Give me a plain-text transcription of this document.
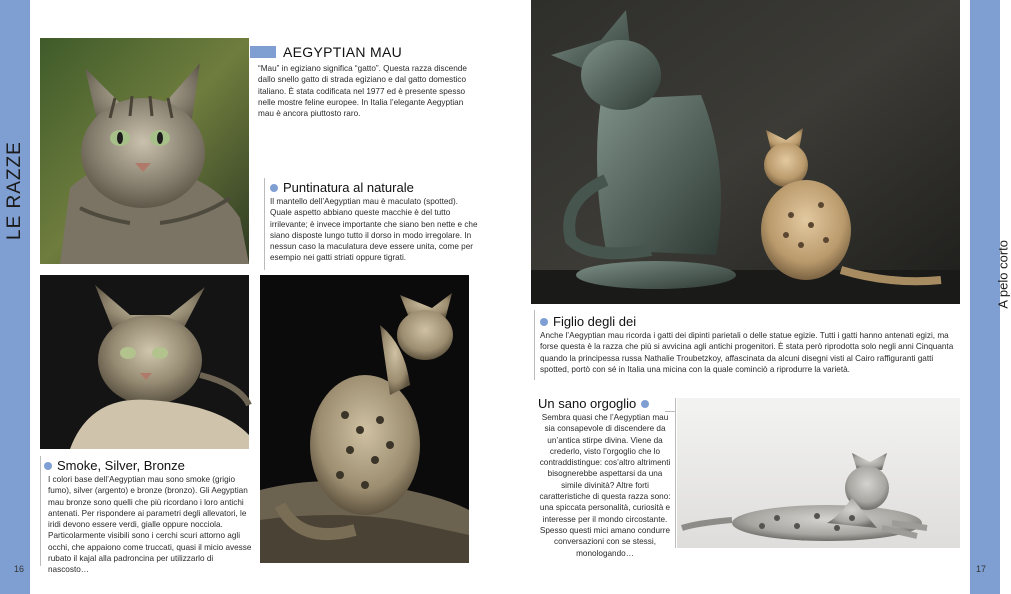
LE RAZZE
A pelo corto
16	17
AEGYPTIAN MAU
“Mau” in egiziano significa “gatto”. Questa razza discende dallo snello gatto di strada egiziano e dal gatto domestico italiano. È stata codificata nel 1977 ed è presente spesso nelle mostre feline europee. In Italia l’elegante Aegyptian mau è ancora piuttosto raro.
Puntinatura al naturale
Il mantello dell’Aegyptian mau è maculato (spotted). Quale aspetto abbiano queste macchie è del tutto irrilevante; è invece importante che siano ben nette e che siano disposte lungo tutto il dorso in modo irregolare. In nessun caso la maculatura deve essere unita, come per esempio nei gatti striati oppure tigrati.
Smoke, Silver, Bronze
I colori base dell’Aegyptian mau sono smoke (grigio fumo), silver (argento) e bronze (bronzo). Gli Aegyptian mau bronze sono quelli che più ricordano i loro antichi antenati. Per rispondere ai parametri degli allevatori, le iridi devono essere verdi, gialle oppure nocciola. Particolarmente visibili sono i cerchi scuri attorno agli occhi, che appaiono come truccati, quasi il micio avesse rubato il kajal alla padroncina per utilizzarlo di nascosto…
Figlio degli dei
Anche l’Aegyptian mau ricorda i gatti dei dipinti parietali o delle statue egizie. Tutti i gatti hanno antenati egizi, ma forse questa è la razza che più si avvicina agli antichi progenitori. È stata però riprodotta solo negli anni Cinquanta quando la principessa russa Nathalie Troubetzkoy, affascinata da alcuni disegni visti al Cairo raffiguranti gatti spotted, portò con sé in Italia una micina con la quale cominciò a riprodurre la varietà.
Un sano orgoglio
Sembra quasi che l’Aegyptian mau sia consapevole di discendere da un’antica stirpe divina. Viene da crederlo, visto l’orgoglio che lo contraddistingue: cos’altro altrimenti bisognerebbe aspettarsi da una simile divinità? Altre forti caratteristiche di questa razza sono: una spiccata personalità, curiosità e interesse per il mondo circostante. Spesso questi mici amano condurre conversazioni con se stessi, monologando…
